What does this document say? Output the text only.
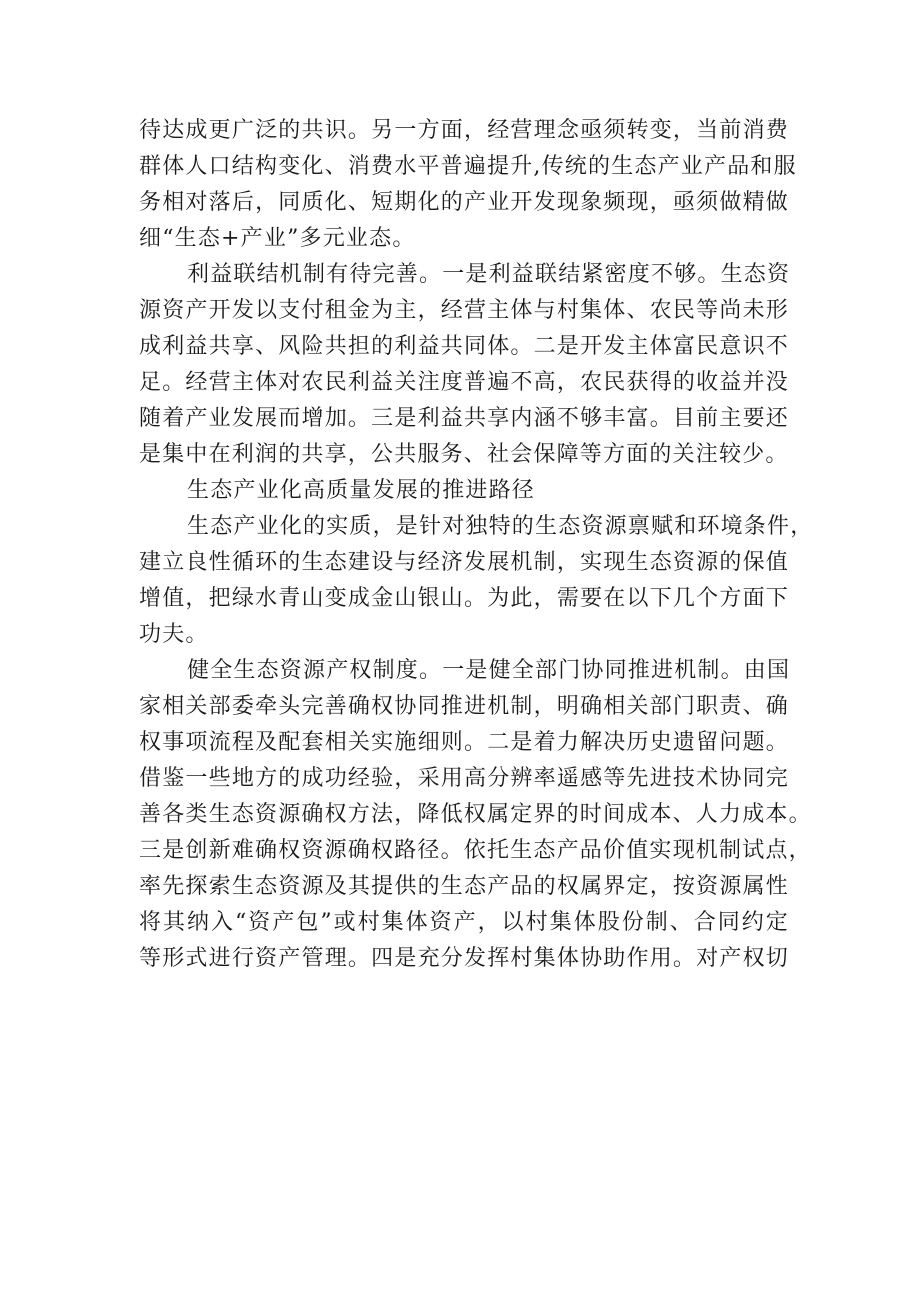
待达成更广泛的共识。另一方面，经营理念亟须转变，当前消费
群体人口结构变化、消费水平普遍提升,传统的生态产业产品和服
务相对落后，同质化、短期化的产业开发现象频现，亟须做精做
细“生态+产业”多元业态。
利益联结机制有待完善。一是利益联结紧密度不够。生态资
源资产开发以支付租金为主，经营主体与村集体、农民等尚未形
成利益共享、风险共担的利益共同体。二是开发主体富民意识不
足。经营主体对农民利益关注度普遍不高，农民获得的收益并没
随着产业发展而增加。三是利益共享内涵不够丰富。目前主要还
是集中在利润的共享，公共服务、社会保障等方面的关注较少。
生态产业化高质量发展的推进路径
生态产业化的实质，是针对独特的生态资源禀赋和环境条件，
建立良性循环的生态建设与经济发展机制，实现生态资源的保值
增值，把绿水青山变成金山银山。为此，需要在以下几个方面下
功夫。
健全生态资源产权制度。一是健全部门协同推进机制。由国
家相关部委牵头完善确权协同推进机制，明确相关部门职责、确
权事项流程及配套相关实施细则。二是着力解决历史遗留问题。
借鉴一些地方的成功经验，采用高分辨率遥感等先进技术协同完
善各类生态资源确权方法，降低权属定界的时间成本、人力成本。
三是创新难确权资源确权路径。依托生态产品价值实现机制试点，
率先探索生态资源及其提供的生态产品的权属界定，按资源属性
将其纳入“资产包”或村集体资产，以村集体股份制、合同约定
等形式进行资产管理。四是充分发挥村集体协助作用。对产权切
